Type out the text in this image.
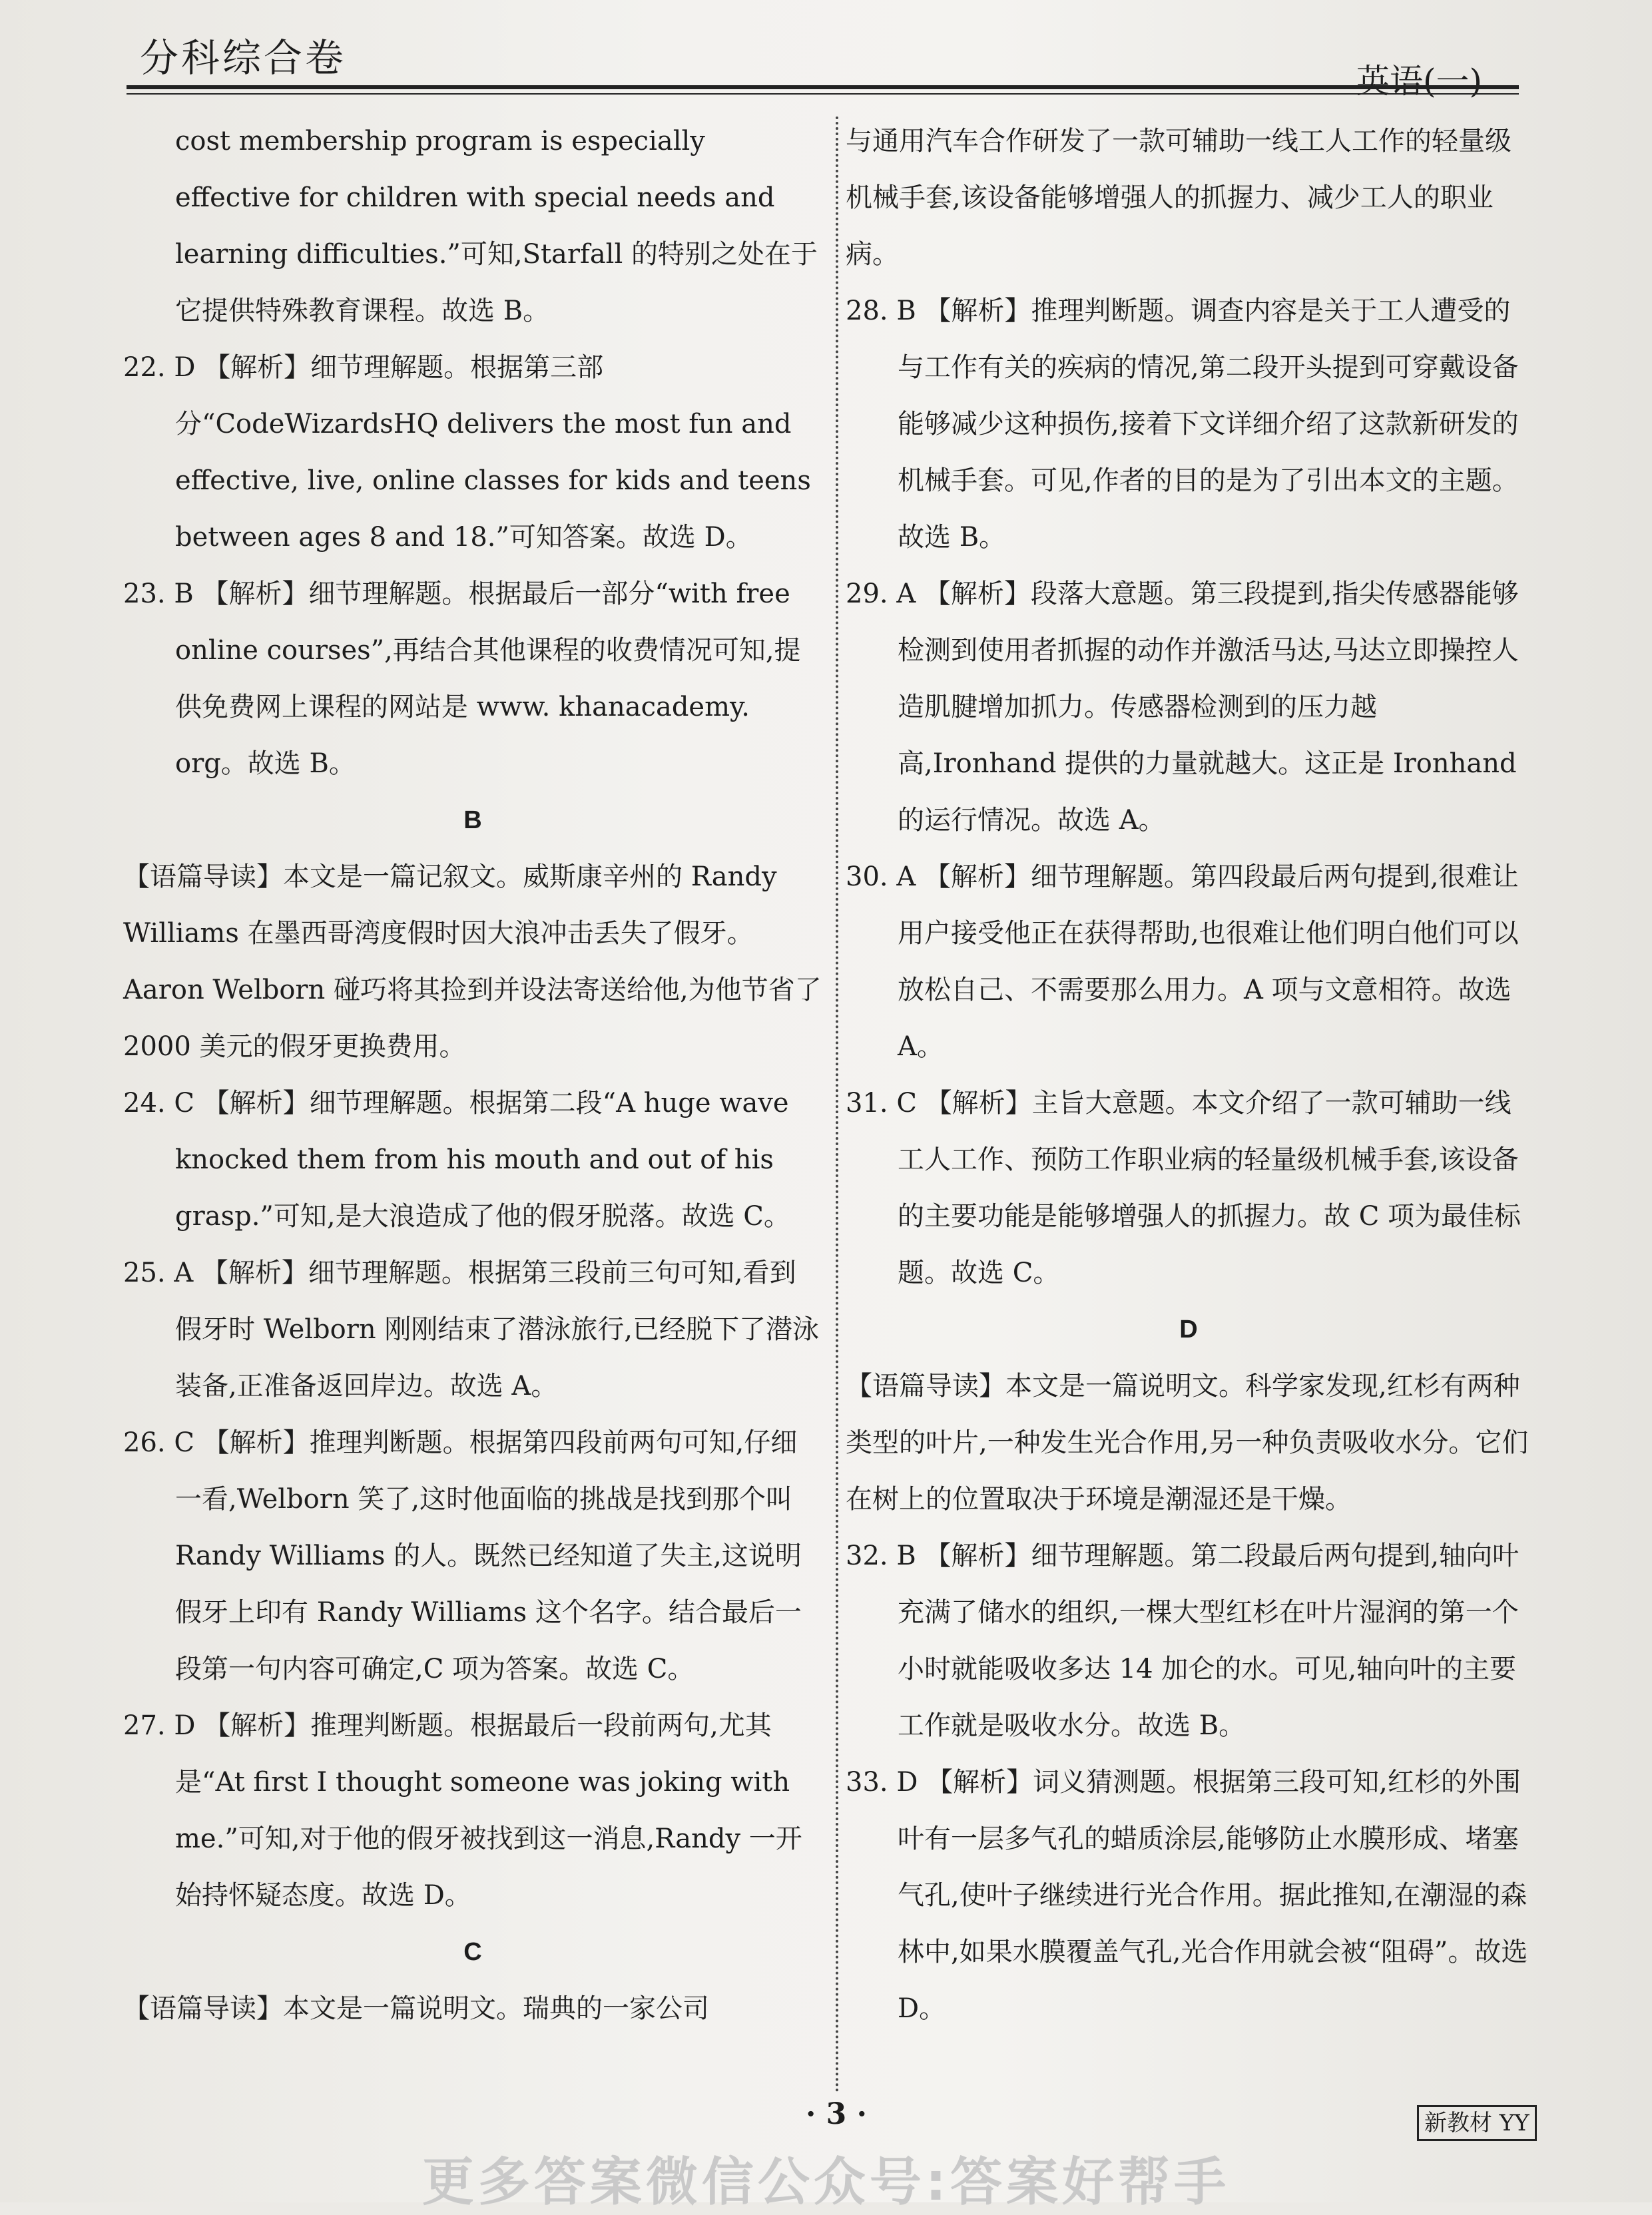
分科综合卷
英语(一)

cost membership program is especially effective for children with special needs and learning difficulties.”可知,Starfall 的特别之处在于它提供特殊教育课程。故选 B。

22. D 【解析】细节理解题。根据第三部分“CodeWizardsHQ delivers the most fun and effective, live, online classes for kids and teens between ages 8 and 18.”可知答案。故选 D。

23. B 【解析】细节理解题。根据最后一部分“with free online courses”,再结合其他课程的收费情况可知,提供免费网上课程的网站是 www. khanacademy. org。故选 B。

B

【语篇导读】本文是一篇记叙文。威斯康辛州的 Randy Williams 在墨西哥湾度假时因大浪冲击丢失了假牙。Aaron Welborn 碰巧将其捡到并设法寄送给他,为他节省了 2000 美元的假牙更换费用。

24. C 【解析】细节理解题。根据第二段“A huge wave knocked them from his mouth and out of his grasp.”可知,是大浪造成了他的假牙脱落。故选 C。

25. A 【解析】细节理解题。根据第三段前三句可知,看到假牙时 Welborn 刚刚结束了潜泳旅行,已经脱下了潜泳装备,正准备返回岸边。故选 A。

26. C 【解析】推理判断题。根据第四段前两句可知,仔细一看,Welborn 笑了,这时他面临的挑战是找到那个叫 Randy Williams 的人。既然已经知道了失主,这说明假牙上印有 Randy Williams 这个名字。结合最后一段第一句内容可确定,C 项为答案。故选 C。

27. D 【解析】推理判断题。根据最后一段前两句,尤其是“At first I thought someone was joking with me.”可知,对于他的假牙被找到这一消息,Randy 一开始持怀疑态度。故选 D。

C

【语篇导读】本文是一篇说明文。瑞典的一家公司

与通用汽车合作研发了一款可辅助一线工人工作的轻量级机械手套,该设备能够增强人的抓握力、减少工人的职业病。

28. B 【解析】推理判断题。调查内容是关于工人遭受的与工作有关的疾病的情况,第二段开头提到可穿戴设备能够减少这种损伤,接着下文详细介绍了这款新研发的机械手套。可见,作者的目的是为了引出本文的主题。故选 B。

29. A 【解析】段落大意题。第三段提到,指尖传感器能够检测到使用者抓握的动作并激活马达,马达立即操控人造肌腱增加抓力。传感器检测到的压力越高,Ironhand 提供的力量就越大。这正是 Ironhand 的运行情况。故选 A。

30. A 【解析】细节理解题。第四段最后两句提到,很难让用户接受他正在获得帮助,也很难让他们明白他们可以放松自己、不需要那么用力。A 项与文意相符。故选 A。

31. C 【解析】主旨大意题。本文介绍了一款可辅助一线工人工作、预防工作职业病的轻量级机械手套,该设备的主要功能是能够增强人的抓握力。故 C 项为最佳标题。故选 C。

D

【语篇导读】本文是一篇说明文。科学家发现,红杉有两种类型的叶片,一种发生光合作用,另一种负责吸收水分。它们在树上的位置取决于环境是潮湿还是干燥。

32. B 【解析】细节理解题。第二段最后两句提到,轴向叶充满了储水的组织,一棵大型红杉在叶片湿润的第一个小时就能吸收多达 14 加仑的水。可见,轴向叶的主要工作就是吸收水分。故选 B。

33. D 【解析】词义猜测题。根据第三段可知,红杉的外围叶有一层多气孔的蜡质涂层,能够防止水膜形成、堵塞气孔,使叶子继续进行光合作用。据此推知,在潮湿的森林中,如果水膜覆盖气孔,光合作用就会被“阻碍”。故选 D。

· 3 ·	新教材 YY
更多答案微信公众号:答案好帮手
